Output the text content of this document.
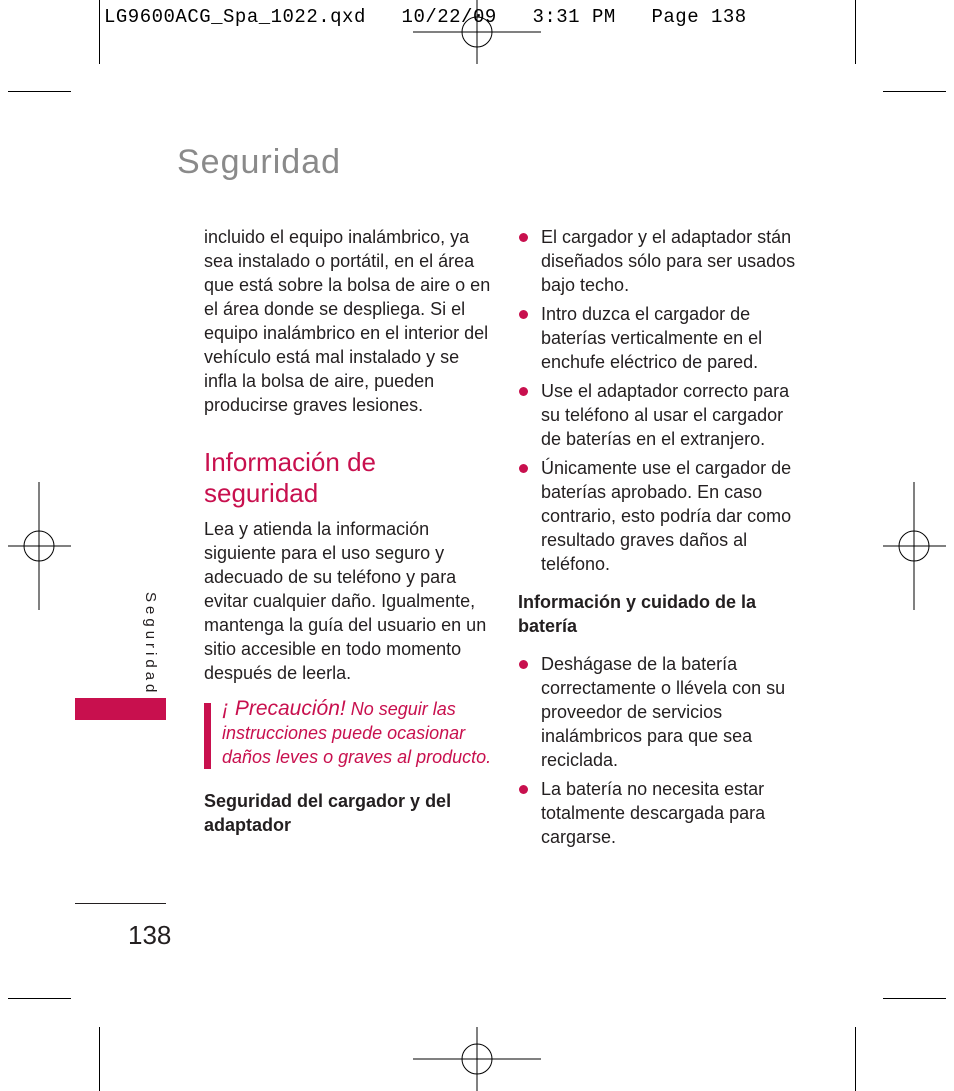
LG9600ACG_Spa_1022.qxd   10/22/09   3:31 PM   Page 138
Seguridad
Seguridad

incluido el equipo inalámbrico, ya sea instalado o portátil, en el área que está sobre la bolsa de aire o en el área donde se despliega. Si el equipo inalámbrico en el interior del vehículo está mal instalado y se infla la bolsa de aire, pueden producirse graves lesiones.

Información de seguridad

Lea y atienda la información siguiente para el uso seguro y adecuado de su teléfono y para evitar cualquier daño. Igualmente, mantenga la guía del usuario en un sitio accesible en todo momento después de leerla.

¡ Precaución! No seguir las instrucciones puede ocasionar daños leves o graves al producto.

Seguridad del cargador y del adaptador

El cargador y el adaptador stán diseñados sólo para ser usados bajo techo.
Intro duzca el cargador de baterías verticalmente en el enchufe eléctrico de pared.
Use el adaptador correcto para su teléfono al usar el cargador de baterías en el extranjero.
Únicamente use el cargador de baterías aprobado. En caso contrario, esto podría dar como resultado graves daños al teléfono.

Información y cuidado de la batería

Deshágase de la batería correctamente o llévela con su proveedor de servicios inalámbricos para que sea reciclada.
La batería no necesita estar totalmente descargada para cargarse.
138
